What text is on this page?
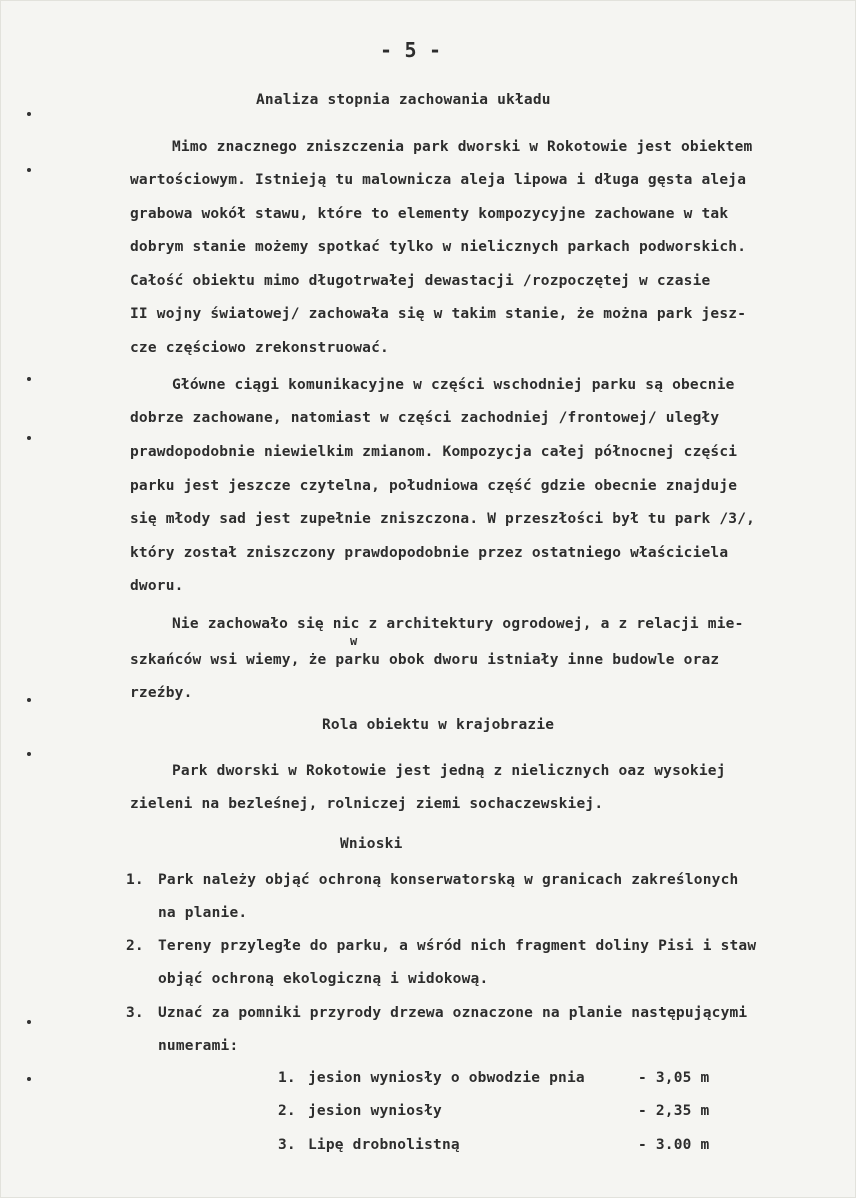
- 5 -
Analiza stopnia zachowania układu
Mimo znacznego zniszczenia park dworski w Rokotowie jest obiektem
wartościowym. Istnieją tu malownicza aleja lipowa i długa gęsta aleja
grabowa wokół stawu, które to elementy kompozycyjne zachowane w tak
dobrym stanie możemy spotkać tylko w nielicznych parkach podworskich.
Całość obiektu mimo długotrwałej dewastacji /rozpoczętej w czasie
II wojny światowej/ zachowała się w takim stanie, że można park jesz-
cze częściowo zrekonstruować.
Główne ciągi komunikacyjne w części wschodniej parku są obecnie
dobrze zachowane, natomiast w części zachodniej /frontowej/ uległy
prawdopodobnie niewielkim zmianom. Kompozycja całej północnej części
parku jest jeszcze czytelna, południowa część gdzie obecnie znajduje
się młody sad jest zupełnie zniszczona. W przeszłości był tu park /3/,
który został zniszczony prawdopodobnie przez ostatniego właściciela
dworu.
Nie zachowało się nic z architektury ogrodowej, a z relacji mie-
w
szkańców wsi wiemy, że parku obok dworu istniały inne budowle oraz
rzeźby.
Rola obiektu w krajobrazie
Park dworski w Rokotowie jest jedną z nielicznych oaz wysokiej
zieleni na bezleśnej, rolniczej ziemi sochaczewskiej.
Wnioski
1. Park należy objąć ochroną konserwatorską w granicach zakreślonych
na planie.
2. Tereny przyległe do parku, a wśród nich fragment doliny Pisi i staw
objąć ochroną ekologiczną i widokową.
3. Uznać za pomniki przyrody drzewa oznaczone na planie następującymi
numerami:
1. jesion wyniosły o obwodzie pnia	- 3,05 m
2. jesion wyniosły	- 2,35 m
3. Lipę drobnolistną	- 3.00 m
